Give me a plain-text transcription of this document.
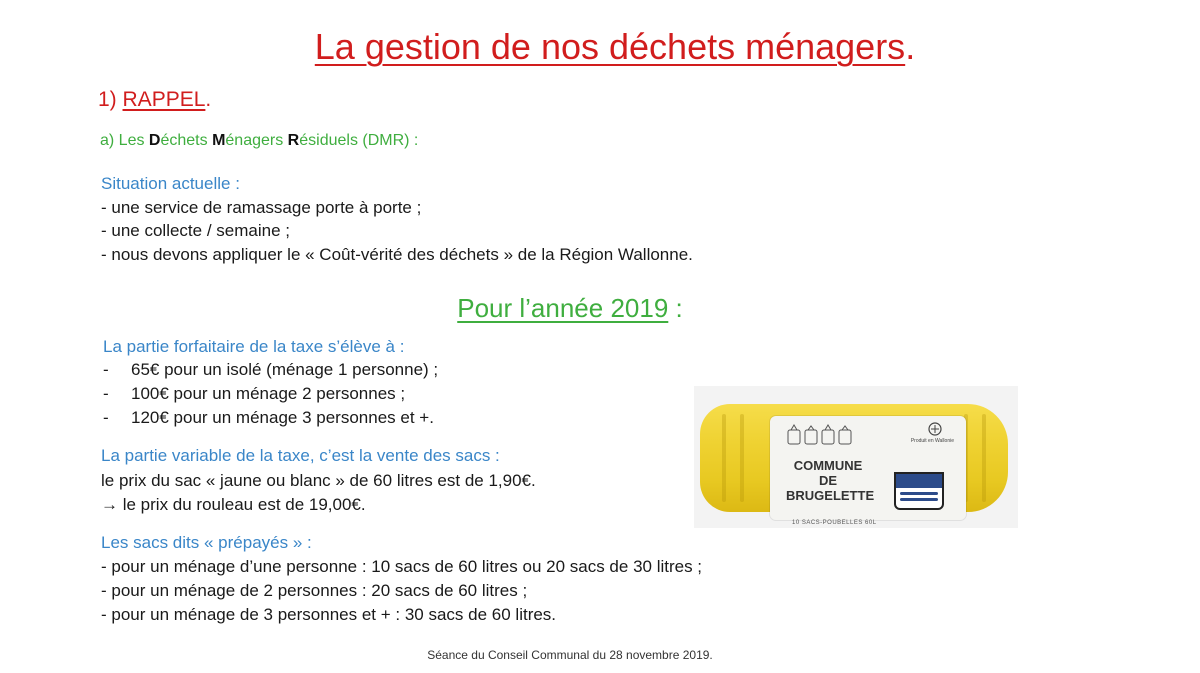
La gestion de nos déchets ménagers.
1) RAPPEL.
a) Les Déchets Ménagers Résiduels (DMR) :
Situation actuelle :
- une service de ramassage porte à porte ;
- une collecte / semaine ;
- nous devons appliquer le « Coût-vérité des déchets » de la Région Wallonne.
Pour l’année 2019 :
La partie forfaitaire de la taxe s’élève à :
- 65€ pour un isolé (ménage 1 personne) ;
- 100€ pour un ménage 2 personnes ;
- 120€ pour un ménage 3 personnes et +.
La partie variable de la taxe, c’est la vente des sacs :
le prix du sac « jaune ou blanc » de 60 litres est de 1,90€.
→ le prix du rouleau est de 19,00€.
Les sacs dits « prépayés » :
- pour un ménage d’une personne : 10 sacs de 60 litres ou 20 sacs de 30 litres ;
- pour un ménage de 2 personnes : 20 sacs de 60 litres ;
- pour un ménage de 3 personnes et + : 30 sacs de 60 litres.
Produit en Wallonie
COMMUNE
DE
BRUGELETTE
10 SACS-POUBELLES 60L
Séance du Conseil Communal du 28 novembre 2019.
